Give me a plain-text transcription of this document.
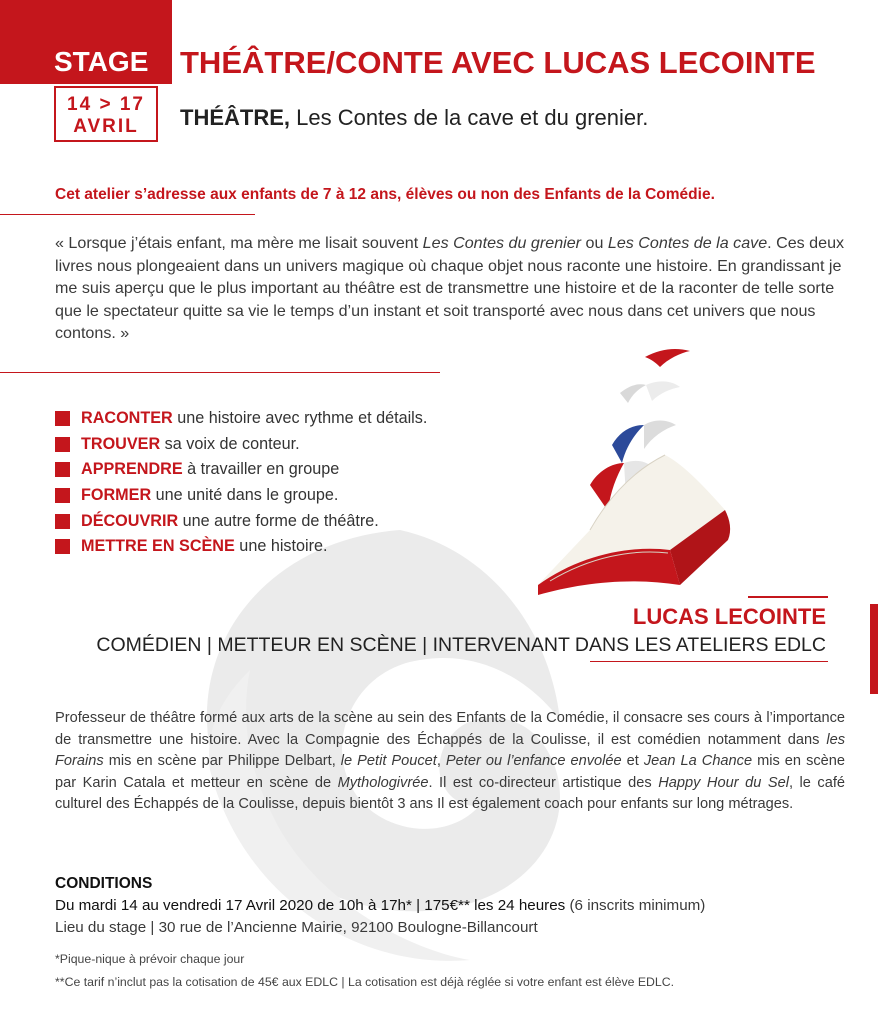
STAGE
14 > 17
AVRIL
THÉÂTRE/CONTE AVEC LUCAS LECOINTE
THÉÂTRE, Les Contes de la cave et du grenier.
Cet atelier s’adresse aux enfants de 7 à 12 ans, élèves ou non des Enfants de la Comédie.
« Lorsque j’étais enfant, ma mère me lisait souvent Les Contes du grenier ou Les Contes de la cave. Ces deux livres nous plongeaient dans un univers magique où chaque objet nous raconte une histoire. En grandissant je me suis aperçu que le plus important au théâtre est de transmettre une histoire et de la raconter de telle sorte que le spectateur quitte sa vie le temps d’un instant et soit transporté avec nous dans cet univers que nous contons. »
RACONTER une histoire avec rythme et détails.
TROUVER sa voix de conteur.
APPRENDRE à travailler en groupe
FORMER une unité dans le groupe.
DÉCOUVRIR une autre forme de théâtre.
METTRE EN SCÈNE une histoire.
LUCAS LECOINTE
COMÉDIEN | METTEUR EN SCÈNE | INTERVENANT DANS LES ATELIERS EDLC
Professeur de théâtre formé aux arts de la scène au sein des Enfants de la Comédie, il consacre ses cours à l’importance de transmettre une histoire. Avec la Compagnie des Échappés de la Coulisse, il est comédien notamment dans les Forains mis en scène par Philippe Delbart, le Petit Poucet, Peter ou l’enfance envolée et Jean La Chance mis en scène par Karin Catala et metteur en scène de Mythologivrée. Il est co-directeur artistique des Happy Hour du Sel, le café culturel des Échappés de la Coulisse, depuis bientôt 3 ans Il est également coach pour enfants sur long métrages.
CONDITIONS
Du mardi 14 au vendredi 17 Avril 2020 de 10h à 17h* | 175€** les 24 heures (6 inscrits minimum)
Lieu du stage | 30 rue de l’Ancienne Mairie, 92100 Boulogne-Billancourt
*Pique-nique à prévoir chaque jour
**Ce tarif n’inclut pas la cotisation de 45€ aux EDLC | La cotisation est déjà réglée si votre enfant est élève EDLC.
